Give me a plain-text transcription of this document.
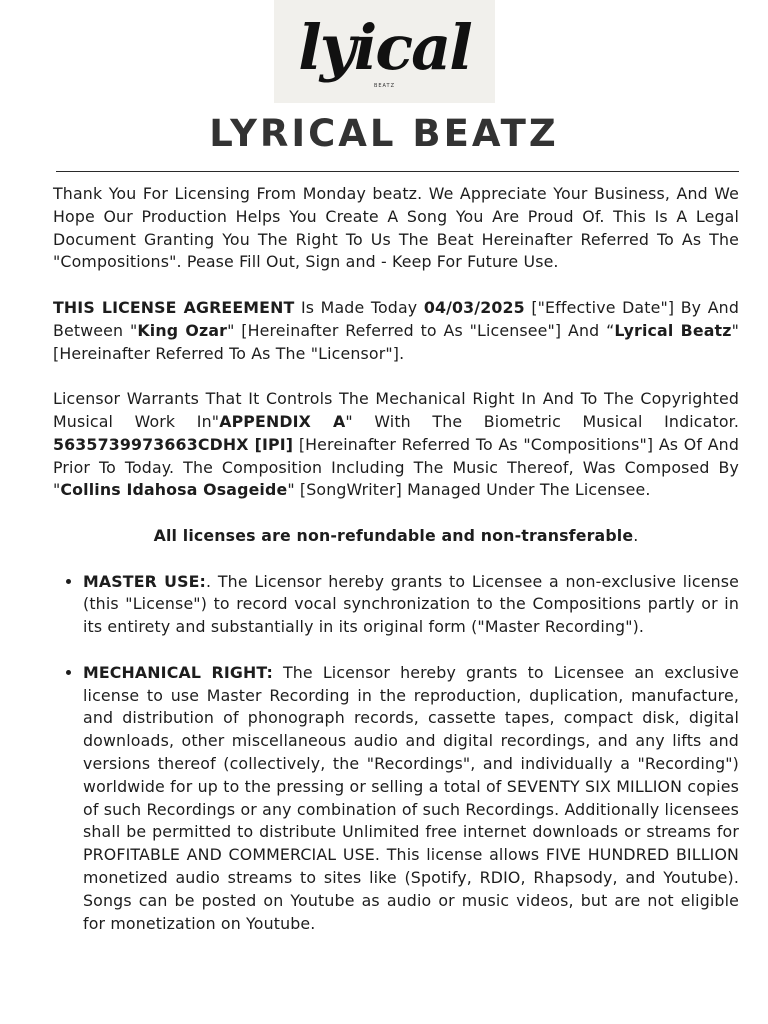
lyical
BEATZ
LYRICAL BEATZ

Thank You For Licensing From Monday beatz. We Appreciate Your Business, And We Hope Our Production Helps You Create A Song You Are Proud Of. This Is A Legal Document Granting You The Right To Us The Beat Hereinafter Referred To As The "Compositions". Pease Fill Out, Sign and - Keep For Future Use.

THIS LICENSE AGREEMENT Is Made Today 04/03/2025 ["Effective Date"] By And Between "King Ozar" [Hereinafter Referred to As "Licensee"] And “Lyrical Beatz" [Hereinafter Referred To As The "Licensor"].

Licensor Warrants That It Controls The Mechanical Right In And To The Copyrighted Musical Work In"APPENDIX A" With The Biometric Musical Indicator. 5635739973663CDHX [IPI] [Hereinafter Referred To As "Compositions"] As Of And Prior To Today. The Composition Including The Music Thereof, Was Composed By "Collins Idahosa Osageide" [SongWriter] Managed Under The Licensee.

All licenses are non-refundable and non-transferable.

• MASTER USE:. The Licensor hereby grants to Licensee a non-exclusive license (this "License") to record vocal synchronization to the Compositions partly or in its entirety and substantially in its original form ("Master Recording").
• MECHANICAL RIGHT: The Licensor hereby grants to Licensee an exclusive license to use Master Recording in the reproduction, duplication, manufacture, and distribution of phonograph records, cassette tapes, compact disk, digital downloads, other miscellaneous audio and digital recordings, and any lifts and versions thereof (collectively, the "Recordings", and individually a "Recording") worldwide for up to the pressing or selling a total of SEVENTY SIX MILLION copies of such Recordings or any combination of such Recordings. Additionally licensees shall be permitted to distribute Unlimited free internet downloads or streams for PROFITABLE AND COMMERCIAL USE. This license allows FIVE HUNDRED BILLION monetized audio streams to sites like (Spotify, RDIO, Rhapsody, and Youtube). Songs can be posted on Youtube as audio or music videos, but are not eligible for monetization on Youtube.
